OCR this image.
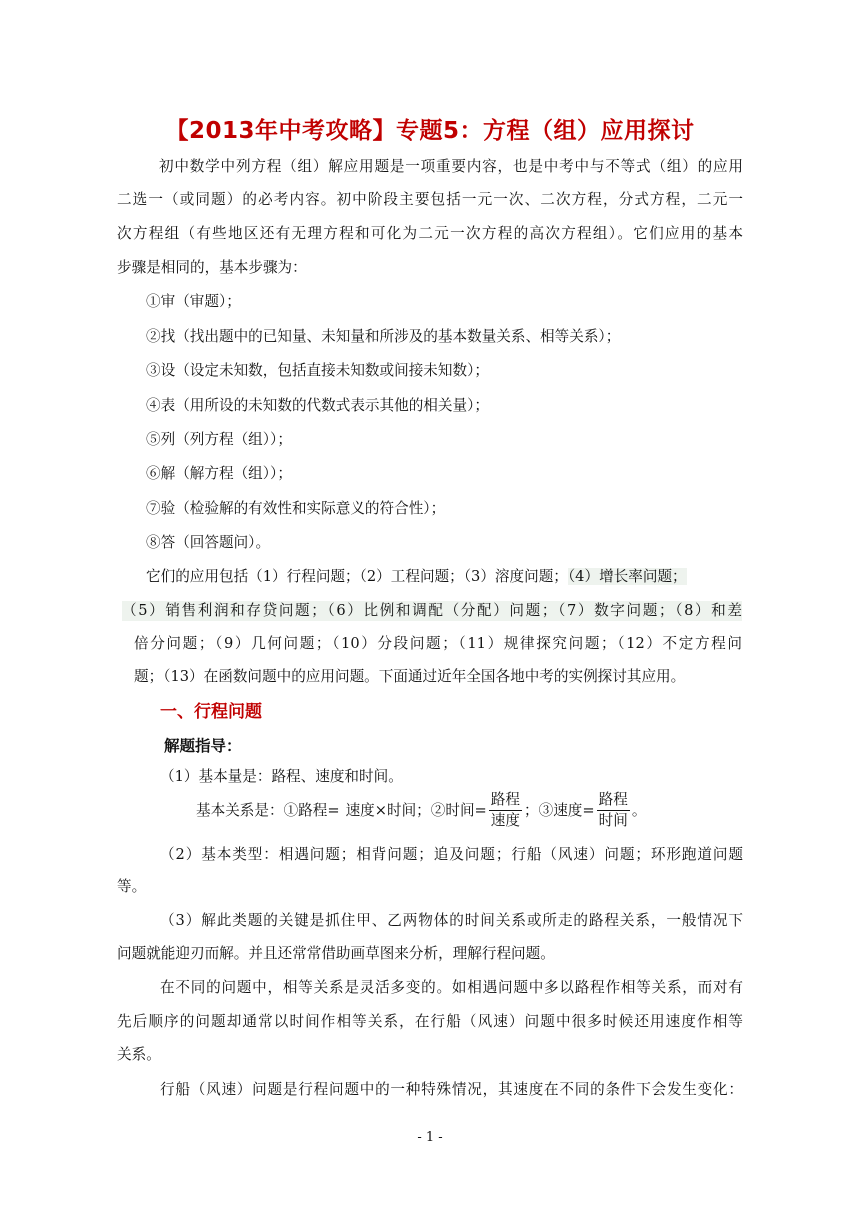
【2013年中考攻略】专题5：方程（组）应用探讨
初中数学中列方程（组）解应用题是一项重要内容，也是中考中与不等式（组）的应用
二选一（或同题）的必考内容。初中阶段主要包括一元一次、二次方程，分式方程，二元一
次方程组（有些地区还有无理方程和可化为二元一次方程的高次方程组）。它们应用的基本
步骤是相同的，基本步骤为：
①审（审题）；
②找（找出题中的已知量、未知量和所涉及的基本数量关系、相等关系）；
③设（设定未知数，包括直接未知数或间接未知数）；
④表（用所设的未知数的代数式表示其他的相关量）；
⑤列（列方程（组））；
⑥解（解方程（组））；
⑦验（检验解的有效性和实际意义的符合性）；
⑧答（回答题问）。
它们的应用包括（1）行程问题；（2）工程问题；（3）溶度问题；（4）增长率问题；
（5）销售利润和存贷问题；（6）比例和调配（分配）问题；（7）数字问题；（8）和差
倍分问题；（9）几何问题；（10）分段问题；（11）规律探究问题；（12）不定方程问
题；（13）在函数问题中的应用问题。下面通过近年全国各地中考的实例探讨其应用。
一、行程问题
解题指导：
（1）基本量是：路程、速度和时间。
基本关系是：①路程= 速度×时间；②时间= $\frac{\text{路程}}{\text{速度}}$ ；③速度= $\frac{\text{路程}}{\text{时间}}$ 。
（2）基本类型：相遇问题；相背问题；追及问题；行船（风速）问题；环形跑道问题
等。
（3）解此类题的关键是抓住甲、乙两物体的时间关系或所走的路程关系，一般情况下
问题就能迎刃而解。并且还常常借助画草图来分析，理解行程问题。
在不同的问题中，相等关系是灵活多变的。如相遇问题中多以路程作相等关系，而对有
先后顺序的问题却通常以时间作相等关系，在行船（风速）问题中很多时候还用速度作相等
关系。
行船（风速）问题是行程问题中的一种特殊情况，其速度在不同的条件下会发生变化：
- 1 -
